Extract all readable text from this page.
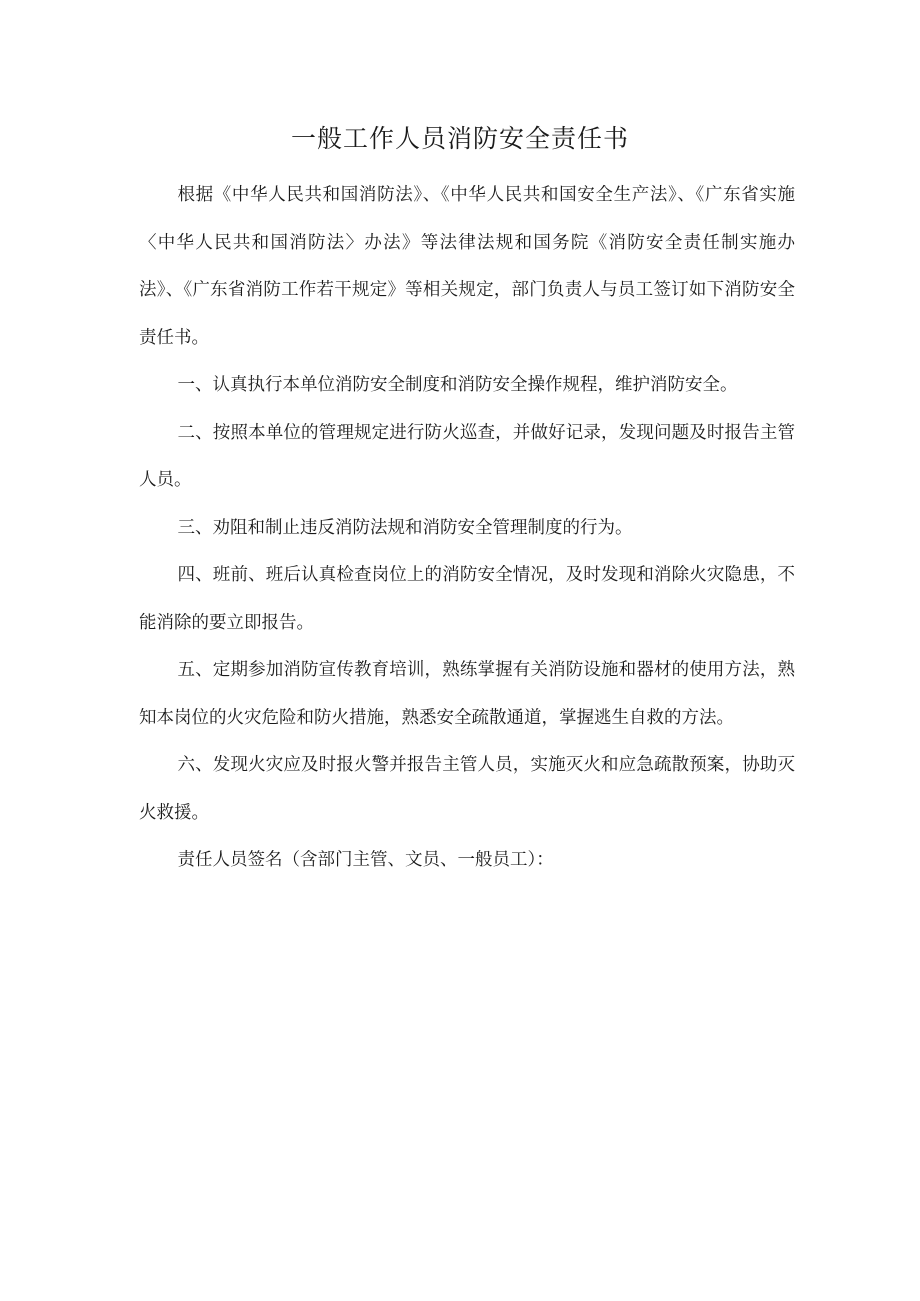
一般工作人员消防安全责任书

根据《中华人民共和国消防法》、《中华人民共和国安全生产法》、《广东省实施〈中华人民共和国消防法〉办法》等法律法规和国务院《消防安全责任制实施办法》、《广东省消防工作若干规定》等相关规定，部门负责人与员工签订如下消防安全责任书。

一、认真执行本单位消防安全制度和消防安全操作规程，维护消防安全。

二、按照本单位的管理规定进行防火巡查，并做好记录，发现问题及时报告主管人员。

三、劝阻和制止违反消防法规和消防安全管理制度的行为。

四、班前、班后认真检查岗位上的消防安全情况，及时发现和消除火灾隐患，不能消除的要立即报告。

五、定期参加消防宣传教育培训，熟练掌握有关消防设施和器材的使用方法，熟知本岗位的火灾危险和防火措施，熟悉安全疏散通道，掌握逃生自救的方法。

六、发现火灾应及时报火警并报告主管人员，实施灭火和应急疏散预案，协助灭火救援。

责任人员签名（含部门主管、文员、一般员工）：
